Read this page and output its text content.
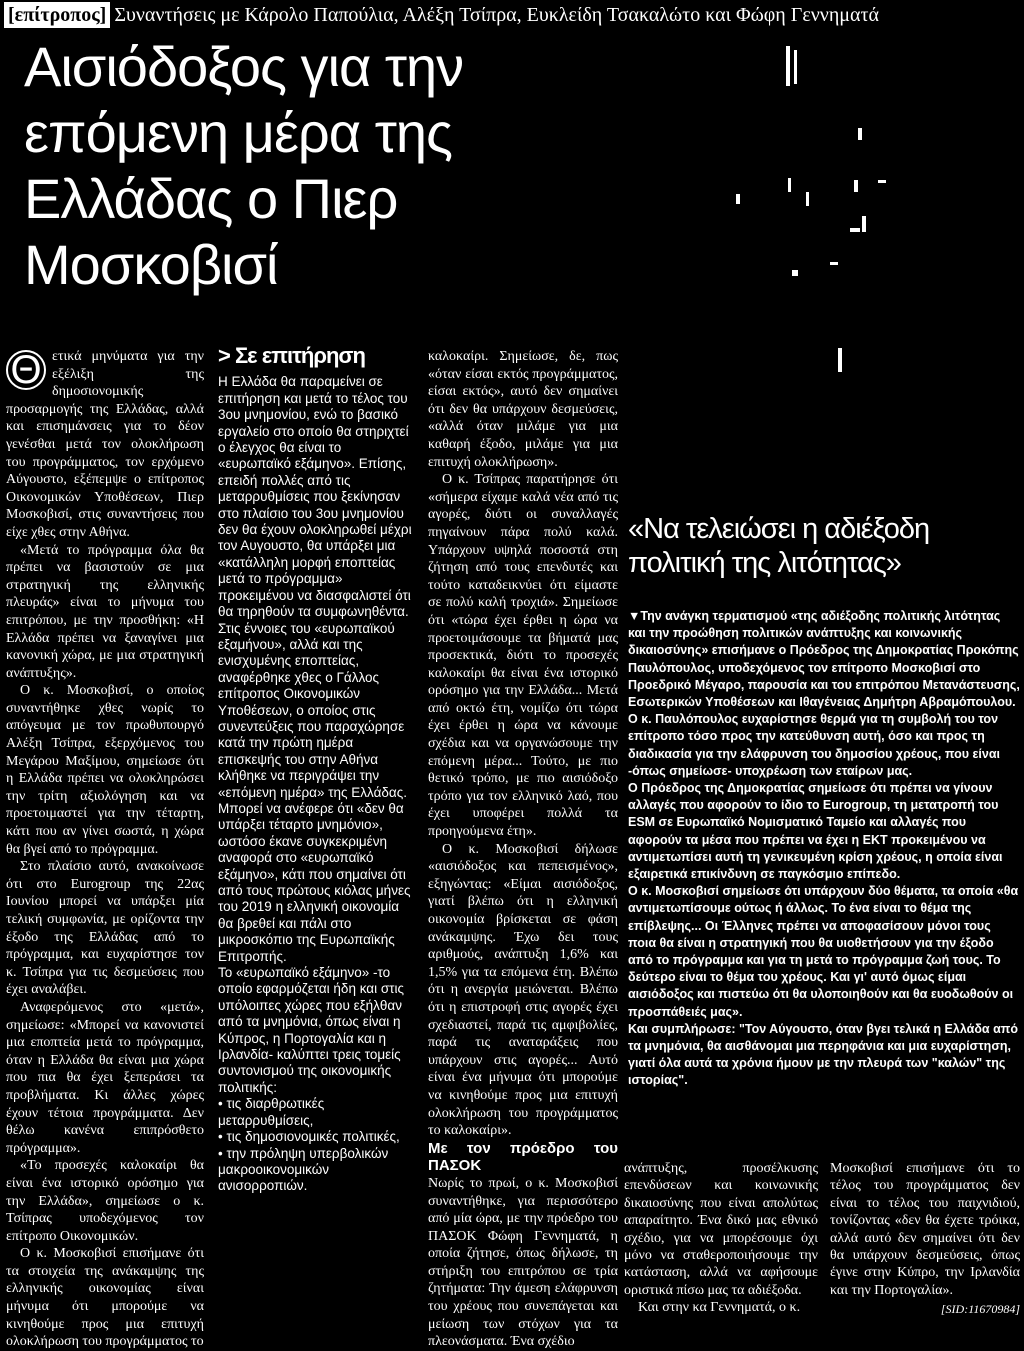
[επίτροπος] Συναντήσεις με Κάρολο Παπούλια, Αλέξη Τσίπρα, Ευκλείδη Τσακαλώτο και Φώφη Γεννηματά
Αισιόδοξος για την επόμενη μέρα της Ελλάδας ο Πιερ Μοσκοβισί

Θ ετικά μηνύματα για την εξέλιξη της δημοσιονομικής προσαρμογής της Ελλάδας, αλλά και επισημάνσεις για το δέον γενέσθαι μετά τον ολοκλήρωση του προγράμματος, τον ερχόμενο Αύγουστο, εξέπεμψε ο επίτροπος Οικονομικών Υποθέσεων, Πιερ Μοσκοβισί, στις συναντήσεις που είχε χθες στην Αθήνα.

«Μετά το πρόγραμμα όλα θα πρέπει να βασιστούν σε μια στρατηγική της ελληνικής πλευράς» είναι το μήνυμα του επιτρόπου, με την προσθήκη: «Η Ελλάδα πρέπει να ξαναγίνει μια κανονική χώρα, με μια στρατηγική ανάπτυξης».

Ο κ. Μοσκοβισί, ο οποίος συναντήθηκε χθες νωρίς το απόγευμα με τον πρωθυπουργό Αλέξη Τσίπρα, εξερχόμενος του Μεγάρου Μαξίμου, σημείωσε ότι η Ελλάδα πρέπει να ολοκληρώσει την τρίτη αξιολόγηση και να προετοιμαστεί για την τέταρτη, κάτι που αν γίνει σωστά, η χώρα θα βγεί από το πρόγραμμα.

Στο πλαίσιο αυτό, ανακοίνωσε ότι στο Eurogroup της 22ας Ιουνίου μπορεί να υπάρξει μία τελική συμφωνία, με ορίζοντα την έξοδο της Ελλάδας από το πρόγραμμα, και ευχαρίστησε τον κ. Τσίπρα για τις δεσμεύσεις που έχει αναλάβει.

Αναφερόμενος στο «μετά», σημείωσε: «Μπορεί να κανονιστεί μια εποπτεία μετά το πρόγραμμα, όταν η Ελλάδα θα είναι μια χώρα που πια θα έχει ξεπεράσει τα προβλήματα. Κι άλλες χώρες έχουν τέτοια προγράμματα. Δεν θέλω κανένα επιπρόσθετο πρόγραμμα».

«Το προσεχές καλοκαίρι θα είναι ένα ιστορικό ορόσημο για την Ελλάδα», σημείωσε ο κ. Τσίπρας υποδεχόμενος τον επίτροπο Οικονομικών.

Ο κ. Μοσκοβισί επισήμανε ότι τα στοιχεία της ανάκαμψης της ελληνικής οικονομίας είναι μήνυμα ότι μπορούμε να κινηθούμε προς μια επιτυχή ολοκλήρωση του προγράμματος το

> Σε επιτήρηση

Η Ελλάδα θα παραμείνει σε επιτήρηση και μετά το τέλος του 3ου μνημονίου, ενώ το βασικό εργαλείο στο οποίο θα στηριχτεί ο έλεγχος θα είναι το «ευρωπαϊκό εξάμηνο». Επίσης, επειδή πολλές από τις μεταρρυθμίσεις που ξεκίνησαν στο πλαίσιο του 3ου μνημονίου δεν θα έχουν ολοκληρωθεί μέχρι τον Αυγουστο, θα υπάρξει μια «κατάλληλη μορφή εποπτείας μετά το πρόγραμμα» προκειμένου να διασφαλιστεί ότι θα τηρηθούν τα συμφωνηθέντα.

Στις έννοιες του «ευρωπαϊκού εξαμήνου», αλλά και της ενισχυμένης εποπτείας, αναφέρθηκε χθες ο Γάλλος επίτροπος Οικονομικών Υποθέσεων, ο οποίος στις συνεντεύξεις που παραχώρησε κατά την πρώτη ημέρα επισκεψής του στην Αθήνα κλήθηκε να περιγράψει την «επόμενη ημέρα» της Ελλάδας. Μπορεί να ανέφερε ότι «δεν θα υπάρξει τέταρτο μνημόνιο», ωστόσο έκανε συγκεκριμένη αναφορά στο «ευρωπαϊκό εξάμηνο», κάτι που σημαίνει ότι από τους πρώτους κιόλας μήνες του 2019 η ελληνική οικονομία θα βρεθεί και πάλι στο μικροσκόπιο της Ευρωπαϊκής Επιτροπής.

Το «ευρωπαϊκό εξάμηνο» -το οποίο εφαρμόζεται ήδη και στις υπόλοιπες χώρες που εξήλθαν από τα μνημόνια, όπως είναι η Κύπρος, η Πορτογαλία και η Ιρλανδία- καλύπτει τρεις τομείς συντονισμού της οικονομικής πολιτικής:

• τις διαρθρωτικές μεταρρυθμίσεις,

• τις δημοσιονομικές πολιτικές,

• την πρόληψη υπερβολικών μακροοικονομικών ανισορροπιών.

καλοκαίρι. Σημείωσε, δε, πως «όταν είσαι εκτός προγράμματος, είσαι εκτός», αυτό δεν σημαίνει ότι δεν θα υπάρχουν δεσμεύσεις, «αλλά όταν μιλάμε για μια καθαρή έξοδο, μιλάμε για μια επιτυχή ολοκλήρωση».

Ο κ. Τσίπρας παρατήρησε ότι «σήμερα είχαμε καλά νέα από τις αγορές, διότι οι συναλλαγές πηγαίνουν πάρα πολύ καλά. Υπάρχουν υψηλά ποσοστά στη ζήτηση από τους επενδυτές και τούτο καταδεικνύει ότι είμαστε σε πολύ καλή τροχιά». Σημείωσε ότι «τώρα έχει έρθει η ώρα να προετοιμάσουμε τα βήματά μας προσεκτικά, διότι το προσεχές καλοκαίρι θα είναι ένα ιστορικό ορόσημο για την Ελλάδα... Μετά από οκτώ έτη, νομίζω ότι τώρα έχει έρθει η ώρα να κάνουμε σχέδια και να οργανώσουμε την επόμενη μέρα... Τούτο, με πιο θετικό τρόπο, με πιο αισιόδοξο τρόπο για τον ελληνικό λαό, που έχει υποφέρει πολλά τα προηγούμενα έτη».

Ο κ. Μοσκοβισί δήλωσε «αισιόδοξος και πεπεισμένος», εξηγώντας: «Είμαι αισιόδοξος, γιατί βλέπω ότι η ελληνική οικονομία βρίσκεται σε φάση ανάκαμψης. Έχω δει τους αριθμούς, ανάπτυξη 1,6% και 1,5% για τα επόμενα έτη. Βλέπω ότι η ανεργία μειώνεται. Βλέπω ότι η επιστροφή στις αγορές έχει σχεδιαστεί, παρά τις αμφιβολίες, παρά τις αναταράξεις που υπάρχουν στις αγορές... Αυτό είναι ένα μήνυμα ότι μπορούμε να κινηθούμε προς μια επιτυχή ολοκλήρωση του προγράμματος το καλοκαίρι».

Με τον πρόεδρο του ΠΑΣΟΚ

Νωρίς το πρωί, ο κ. Μοσκοβισί συναντήθηκε, για περισσότερο από μία ώρα, με την πρόεδρο του ΠΑΣΟΚ Φώφη Γεννηματά, η οποία ζήτησε, όπως δήλωσε, τη στήριξη του επιτρόπου σε τρία ζητήματα: Την άμεση ελάφρυνση του χρέους που συνεπάγεται και μείωση των στόχων για τα πλεονάσματα. Ένα σχέδιο

«Να τελειώσει η αδιέξοδη πολιτική της λιτότητας»

▼Την ανάγκη τερματισμού «της αδιέξοδης πολιτικής λιτότητας και την προώθηση πολιτικών ανάπτυξης και κοινωνικής δικαιοσύνης» επισήμανε ο Πρόεδρος της Δημοκρατίας Προκόπης Παυλόπουλος, υποδεχόμενος τον επίτροπο Μοσκοβισί στο Προεδρικό Μέγαρο, παρουσία και του επιτρόπου Μετανάστευσης, Εσωτερικών Υποθέσεων και Ιθαγένειας Δημήτρη Αβραμόπουλου.

Ο κ. Παυλόπουλος ευχαρίστησε θερμά για τη συμβολή του τον επίτροπο τόσο προς την κατεύθυνση αυτή, όσο και προς τη διαδικασία για την ελάφρυνση του δημοσίου χρέους, που είναι -όπως σημείωσε- υποχρέωση των εταίρων μας.

Ο Πρόεδρος της Δημοκρατίας σημείωσε ότι πρέπει να γίνουν αλλαγές που αφορούν το ίδιο το Eurogroup, τη μετατροπή του ESM σε Ευρωπαϊκό Νομισματικό Ταμείο και αλλαγές που αφορούν τα μέσα που πρέπει να έχει η ΕΚΤ προκειμένου να αντιμετωπίσει αυτή τη γενικευμένη κρίση χρέους, η οποία είναι εξαιρετικά επικίνδυνη σε παγκόσμιο επίπεδο.

Ο κ. Μοσκοβισί σημείωσε ότι υπάρχουν δύο θέματα, τα οποία «θα αντιμετωπίσουμε ούτως ή άλλως. Το ένα είναι το θέμα της επίβλεψης... Οι Έλληνες πρέπει να αποφασίσουν μόνοι τους ποια θα είναι η στρατηγική που θα υιοθετήσουν για την έξοδο από το πρόγραμμα και για τη μετά το πρόγραμμα ζωή τους. Το δεύτερο είναι το θέμα του χρέους. Και γι' αυτό όμως είμαι αισιόδοξος και πιστεύω ότι θα υλοποιηθούν και θα ευοδωθούν οι προσπάθειές μας».

Και συμπλήρωσε: "Τον Αύγουστο, όταν βγει τελικά η Ελλάδα από τα μνημόνια, θα αισθάνομαι μια περηφάνια και μια ευχαρίστηση, γιατί όλα αυτά τα χρόνια ήμουν με την πλευρά των "καλών" της ιστορίας".

ανάπτυξης, προσέλκυσης επενδύσεων και κοινωνικής δικαιοσύνης που είναι απολύτως απαραίτητο. Ένα δικό μας εθνικό σχέδιο, για να μπορέσουμε όχι μόνο να σταθεροποιήσουμε την κατάσταση, αλλά να αφήσουμε οριστικά πίσω μας τα αδιέξοδα.

Και στην κα Γεννηματά, ο κ.

Μοσκοβισί επισήμανε ότι το τέλος του προγράμματος δεν είναι το τέλος του παιχνιδιού, τονίζοντας «δεν θα έχετε τρόικα, αλλά αυτό δεν σημαίνει ότι δεν θα υπάρχουν δεσμεύσεις, όπως έγινε στην Κύπρο, την Ιρλανδία και την Πορτογαλία».

[SID:11670984]
